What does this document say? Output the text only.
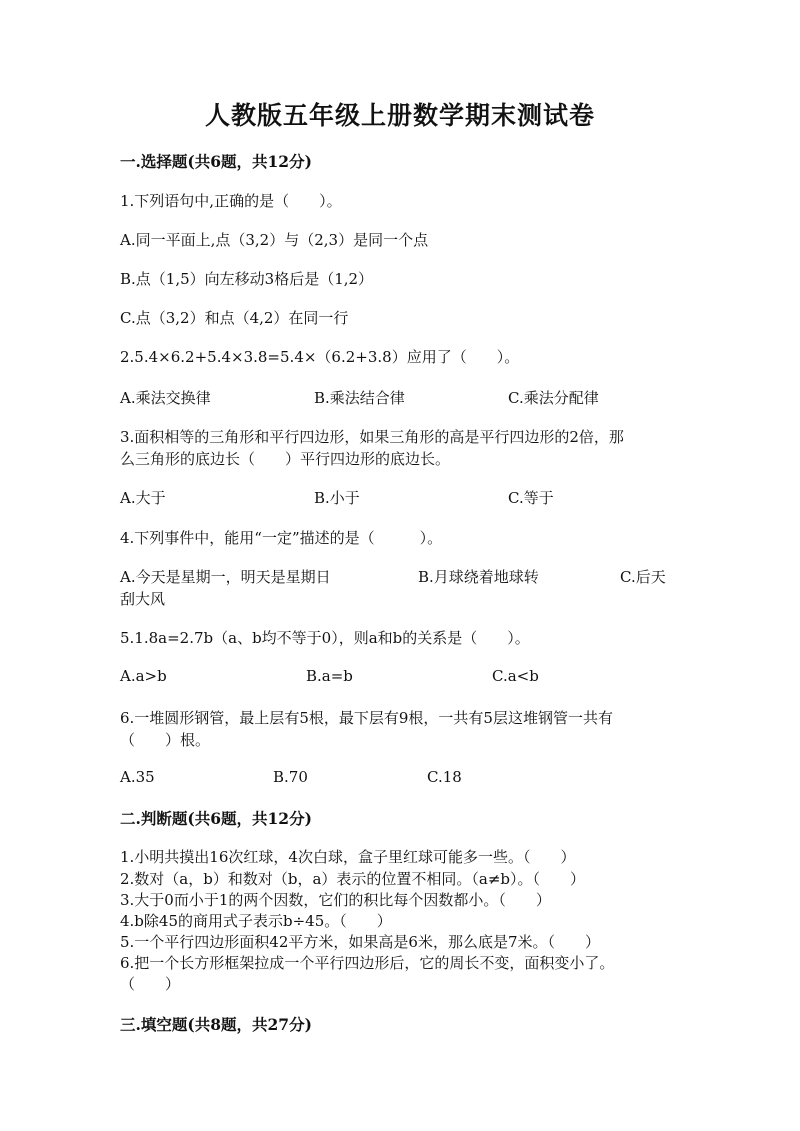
人教版五年级上册数学期末测试卷
一.选择题(共6题，共12分)
1.下列语句中,正确的是（　　）。
A.同一平面上,点（3,2）与（2,3）是同一个点
B.点（1,5）向左移动3格后是（1,2）
C.点（3,2）和点（4,2）在同一行
2.5.4×6.2+5.4×3.8=5.4×（6.2+3.8）应用了（　　）。
A.乘法交换律	B.乘法结合律	C.乘法分配律
3.面积相等的三角形和平行四边形，如果三角形的高是平行四边形的2倍，那
么三角形的底边长（　　）平行四边形的底边长。
A.大于	B.小于	C.等于
4.下列事件中，能用“一定”描述的是（　　　）。
A.今天是星期一，明天是星期日	B.月球绕着地球转	C.后天
刮大风
5.1.8a=2.7b（a、b均不等于0），则a和b的关系是（　　）。
A.a>b	B.a=b	C.a<b
6.一堆圆形钢管，最上层有5根，最下层有9根，一共有5层这堆钢管一共有
（　　）根。
A.35	B.70	C.18
二.判断题(共6题，共12分)
1.小明共摸出16次红球，4次白球，盒子里红球可能多一些。（　　）
2.数对（a，b）和数对（b，a）表示的位置不相同。（a≠b）。（　　）
3.大于0而小于1的两个因数，它们的积比每个因数都小。（　　）
4.b除45的商用式子表示b÷45。（　　）
5.一个平行四边形面积42平方米，如果高是6米，那么底是7米。（　　）
6.把一个长方形框架拉成一个平行四边形后，它的周长不变，面积变小了。
（　　）
三.填空题(共8题，共27分)
